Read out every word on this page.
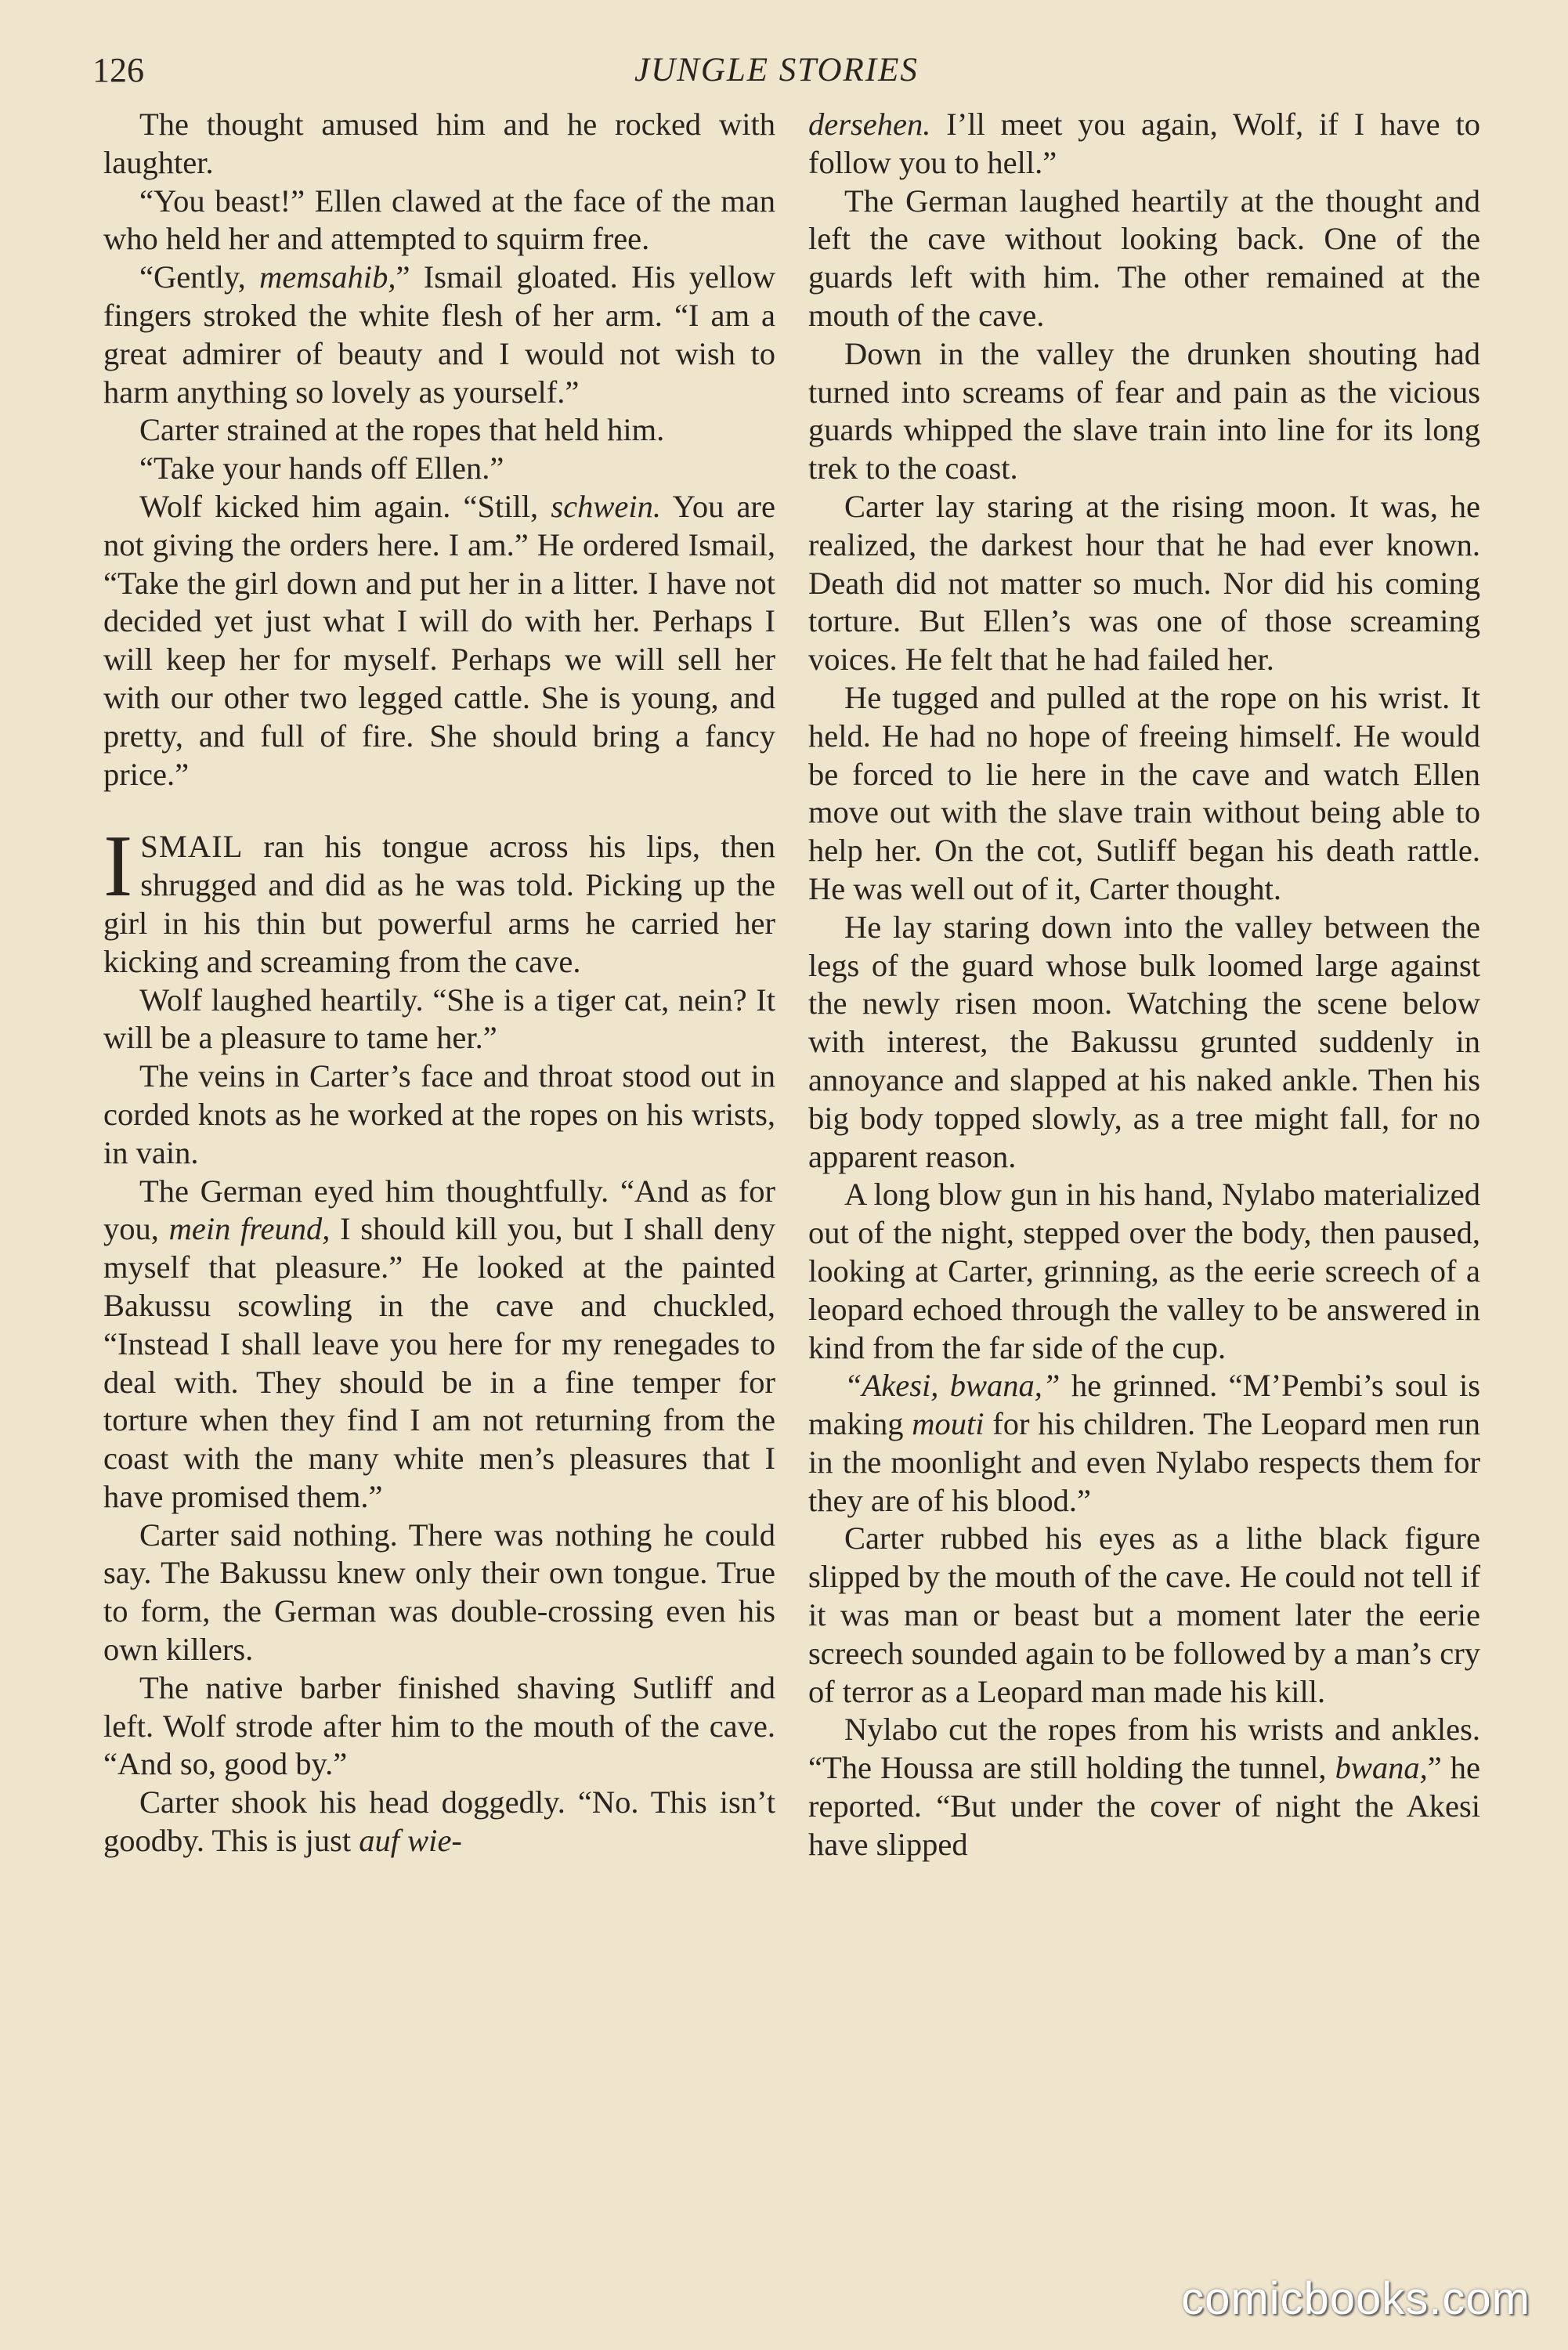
126	JUNGLE STORIES

The thought amused him and he rocked with laughter.

“You beast!” Ellen clawed at the face of the man who held her and attempted to squirm free.

“Gently, memsahib,” Ismail gloated. His yellow fingers stroked the white flesh of her arm. “I am a great admirer of beauty and I would not wish to harm anything so lovely as yourself.”

Carter strained at the ropes that held him.

“Take your hands off Ellen.”

Wolf kicked him again. “Still, schwein. You are not giving the orders here. I am.” He ordered Ismail, “Take the girl down and put her in a litter. I have not decided yet just what I will do with her. Perhaps I will keep her for myself. Perhaps we will sell her with our other two legged cattle. She is young, and pretty, and full of fire. She should bring a fancy price.”

ISMAIL ran his tongue across his lips, then shrugged and did as he was told. Picking up the girl in his thin but powerful arms he carried her kicking and screaming from the cave.

Wolf laughed heartily. “She is a tiger cat, nein? It will be a pleasure to tame her.”

The veins in Carter’s face and throat stood out in corded knots as he worked at the ropes on his wrists, in vain.

The German eyed him thoughtfully. “And as for you, mein freund, I should kill you, but I shall deny myself that pleasure.” He looked at the painted Bakussu scowling in the cave and chuckled, “Instead I shall leave you here for my renegades to deal with. They should be in a fine temper for torture when they find I am not returning from the coast with the many white men’s pleasures that I have promised them.”

Carter said nothing. There was nothing he could say. The Bakussu knew only their own tongue. True to form, the German was double-crossing even his own killers.

The native barber finished shaving Sutliff and left. Wolf strode after him to the mouth of the cave. “And so, good by.”

Carter shook his head doggedly. “No. This isn’t goodby. This is just auf wie-

dersehen. I’ll meet you again, Wolf, if I have to follow you to hell.”

The German laughed heartily at the thought and left the cave without looking back. One of the guards left with him. The other remained at the mouth of the cave.

Down in the valley the drunken shouting had turned into screams of fear and pain as the vicious guards whipped the slave train into line for its long trek to the coast.

Carter lay staring at the rising moon. It was, he realized, the darkest hour that he had ever known. Death did not matter so much. Nor did his coming torture. But Ellen’s was one of those screaming voices. He felt that he had failed her.

He tugged and pulled at the rope on his wrist. It held. He had no hope of freeing himself. He would be forced to lie here in the cave and watch Ellen move out with the slave train without being able to help her. On the cot, Sutliff began his death rattle. He was well out of it, Carter thought.

He lay staring down into the valley between the legs of the guard whose bulk loomed large against the newly risen moon. Watching the scene below with interest, the Bakussu grunted suddenly in annoyance and slapped at his naked ankle. Then his big body topped slowly, as a tree might fall, for no apparent reason.

A long blow gun in his hand, Nylabo materialized out of the night, stepped over the body, then paused, looking at Carter, grinning, as the eerie screech of a leopard echoed through the valley to be answered in kind from the far side of the cup.

“Akesi, bwana,” he grinned. “M’Pembi’s soul is making mouti for his children. The Leopard men run in the moonlight and even Nylabo respects them for they are of his blood.”

Carter rubbed his eyes as a lithe black figure slipped by the mouth of the cave. He could not tell if it was man or beast but a moment later the eerie screech sounded again to be followed by a man’s cry of terror as a Leopard man made his kill.

Nylabo cut the ropes from his wrists and ankles. “The Houssa are still holding the tunnel, bwana,” he reported. “But under the cover of night the Akesi have slipped

comicbooks.com
